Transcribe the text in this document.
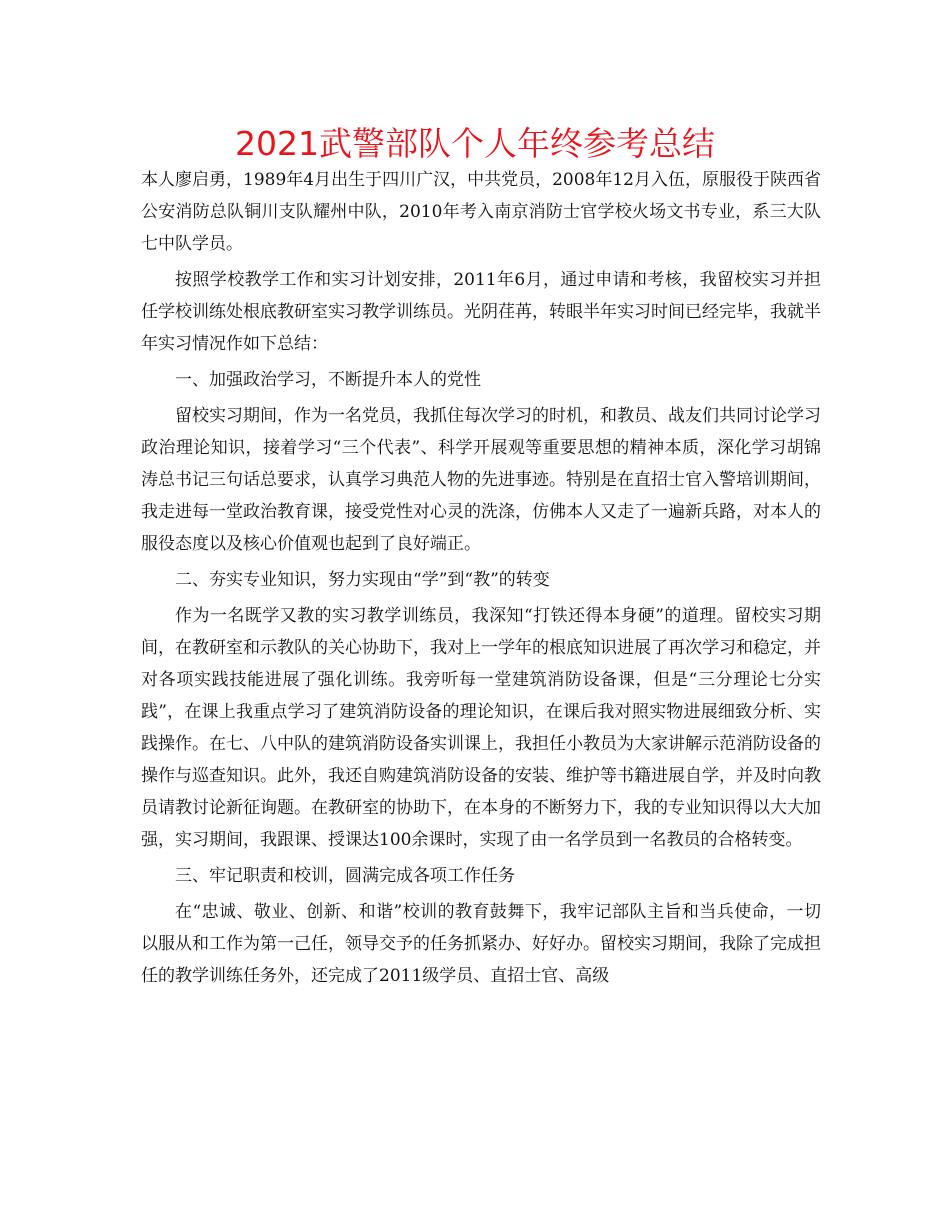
2021武警部队个人年终参考总结

本人廖启勇，1989年4月出生于四川广汉，中共党员，2008年12月入伍，原服役于陕西省公安消防总队铜川支队耀州中队，2010年考入南京消防士官学校火场文书专业，系三大队七中队学员。

按照学校教学工作和实习计划安排，2011年6月，通过申请和考核，我留校实习并担任学校训练处根底教研室实习教学训练员。光阴荏苒，转眼半年实习时间已经完毕，我就半年实习情况作如下总结：

一、加强政治学习，不断提升本人的党性

留校实习期间，作为一名党员，我抓住每次学习的时机，和教员、战友们共同讨论学习政治理论知识，接着学习“三个代表”、科学开展观等重要思想的精神本质，深化学习胡锦涛总书记三句话总要求，认真学习典范人物的先进事迹。特别是在直招士官入警培训期间，我走进每一堂政治教育课，接受党性对心灵的洗涤，仿佛本人又走了一遍新兵路，对本人的服役态度以及核心价值观也起到了良好端正。

二、夯实专业知识，努力实现由“学”到“教”的转变

作为一名既学又教的实习教学训练员，我深知“打铁还得本身硬”的道理。留校实习期间，在教研室和示教队的关心协助下，我对上一学年的根底知识进展了再次学习和稳定，并对各项实践技能进展了强化训练。我旁听每一堂建筑消防设备课，但是“三分理论七分实践”，在课上我重点学习了建筑消防设备的理论知识，在课后我对照实物进展细致分析、实践操作。在七、八中队的建筑消防设备实训课上，我担任小教员为大家讲解示范消防设备的操作与巡查知识。此外，我还自购建筑消防设备的安装、维护等书籍进展自学，并及时向教员请教讨论新征询题。在教研室的协助下，在本身的不断努力下，我的专业知识得以大大加强，实习期间，我跟课、授课达100余课时，实现了由一名学员到一名教员的合格转变。

三、牢记职责和校训，圆满完成各项工作任务

在“忠诚、敬业、创新、和谐”校训的教育鼓舞下，我牢记部队主旨和当兵使命，一切以服从和工作为第一己任，领导交予的任务抓紧办、好好办。留校实习期间，我除了完成担任的教学训练任务外，还完成了2011级学员、直招士官、高级
